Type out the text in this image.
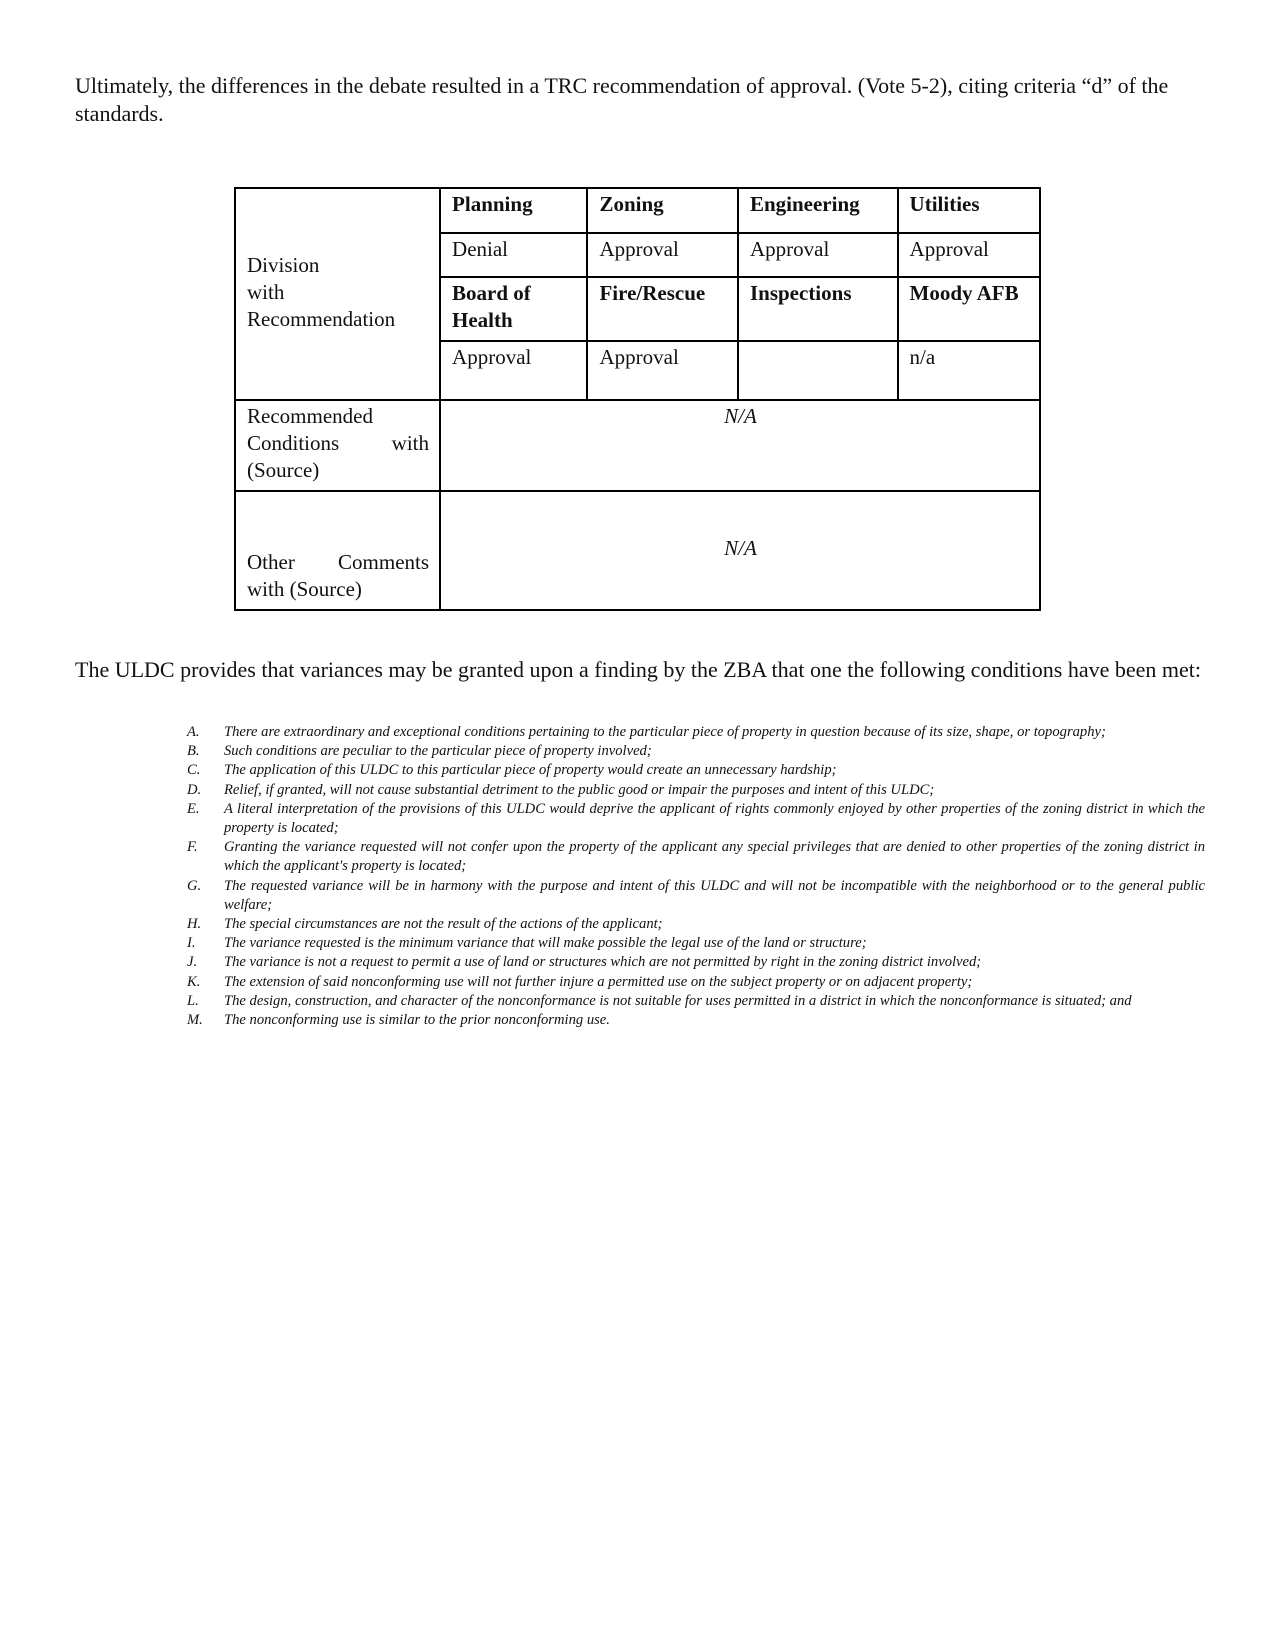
Ultimately, the differences in the debate resulted in a TRC recommendation of approval. (Vote 5-2), citing criteria “d” of the standards.

Division
with
Recommendation	Planning	Zoning	Engineering	Utilities
	Denial	Approval	Approval	Approval
	Board of Health	Fire/Rescue	Inspections	Moody AFB
	Approval	Approval		n/a

Recommended
Conditions with
(Source)	N/A			

Other Comments
with (Source)	N/A			

The ULDC provides that variances may be granted upon a finding by the ZBA that one the following conditions have been met:

A. There are extraordinary and exceptional conditions pertaining to the particular piece of property in question because of its size, shape, or topography;
B. Such conditions are peculiar to the particular piece of property involved;
C. The application of this ULDC to this particular piece of property would create an unnecessary hardship;
D. Relief, if granted, will not cause substantial detriment to the public good or impair the purposes and intent of this ULDC;
E. A literal interpretation of the provisions of this ULDC would deprive the applicant of rights commonly enjoyed by other properties of the zoning district in which the property is located;
F. Granting the variance requested will not confer upon the property of the applicant any special privileges that are denied to other properties of the zoning district in which the applicant's property is located;
G. The requested variance will be in harmony with the purpose and intent of this ULDC and will not be incompatible with the neighborhood or to the general public welfare;
H. The special circumstances are not the result of the actions of the applicant;
I. The variance requested is the minimum variance that will make possible the legal use of the land or structure;
J. The variance is not a request to permit a use of land or structures which are not permitted by right in the zoning district involved;
K. The extension of said nonconforming use will not further injure a permitted use on the subject property or on adjacent property;
L. The design, construction, and character of the nonconformance is not suitable for uses permitted in a district in which the nonconformance is situated; and
M. The nonconforming use is similar to the prior nonconforming use.
